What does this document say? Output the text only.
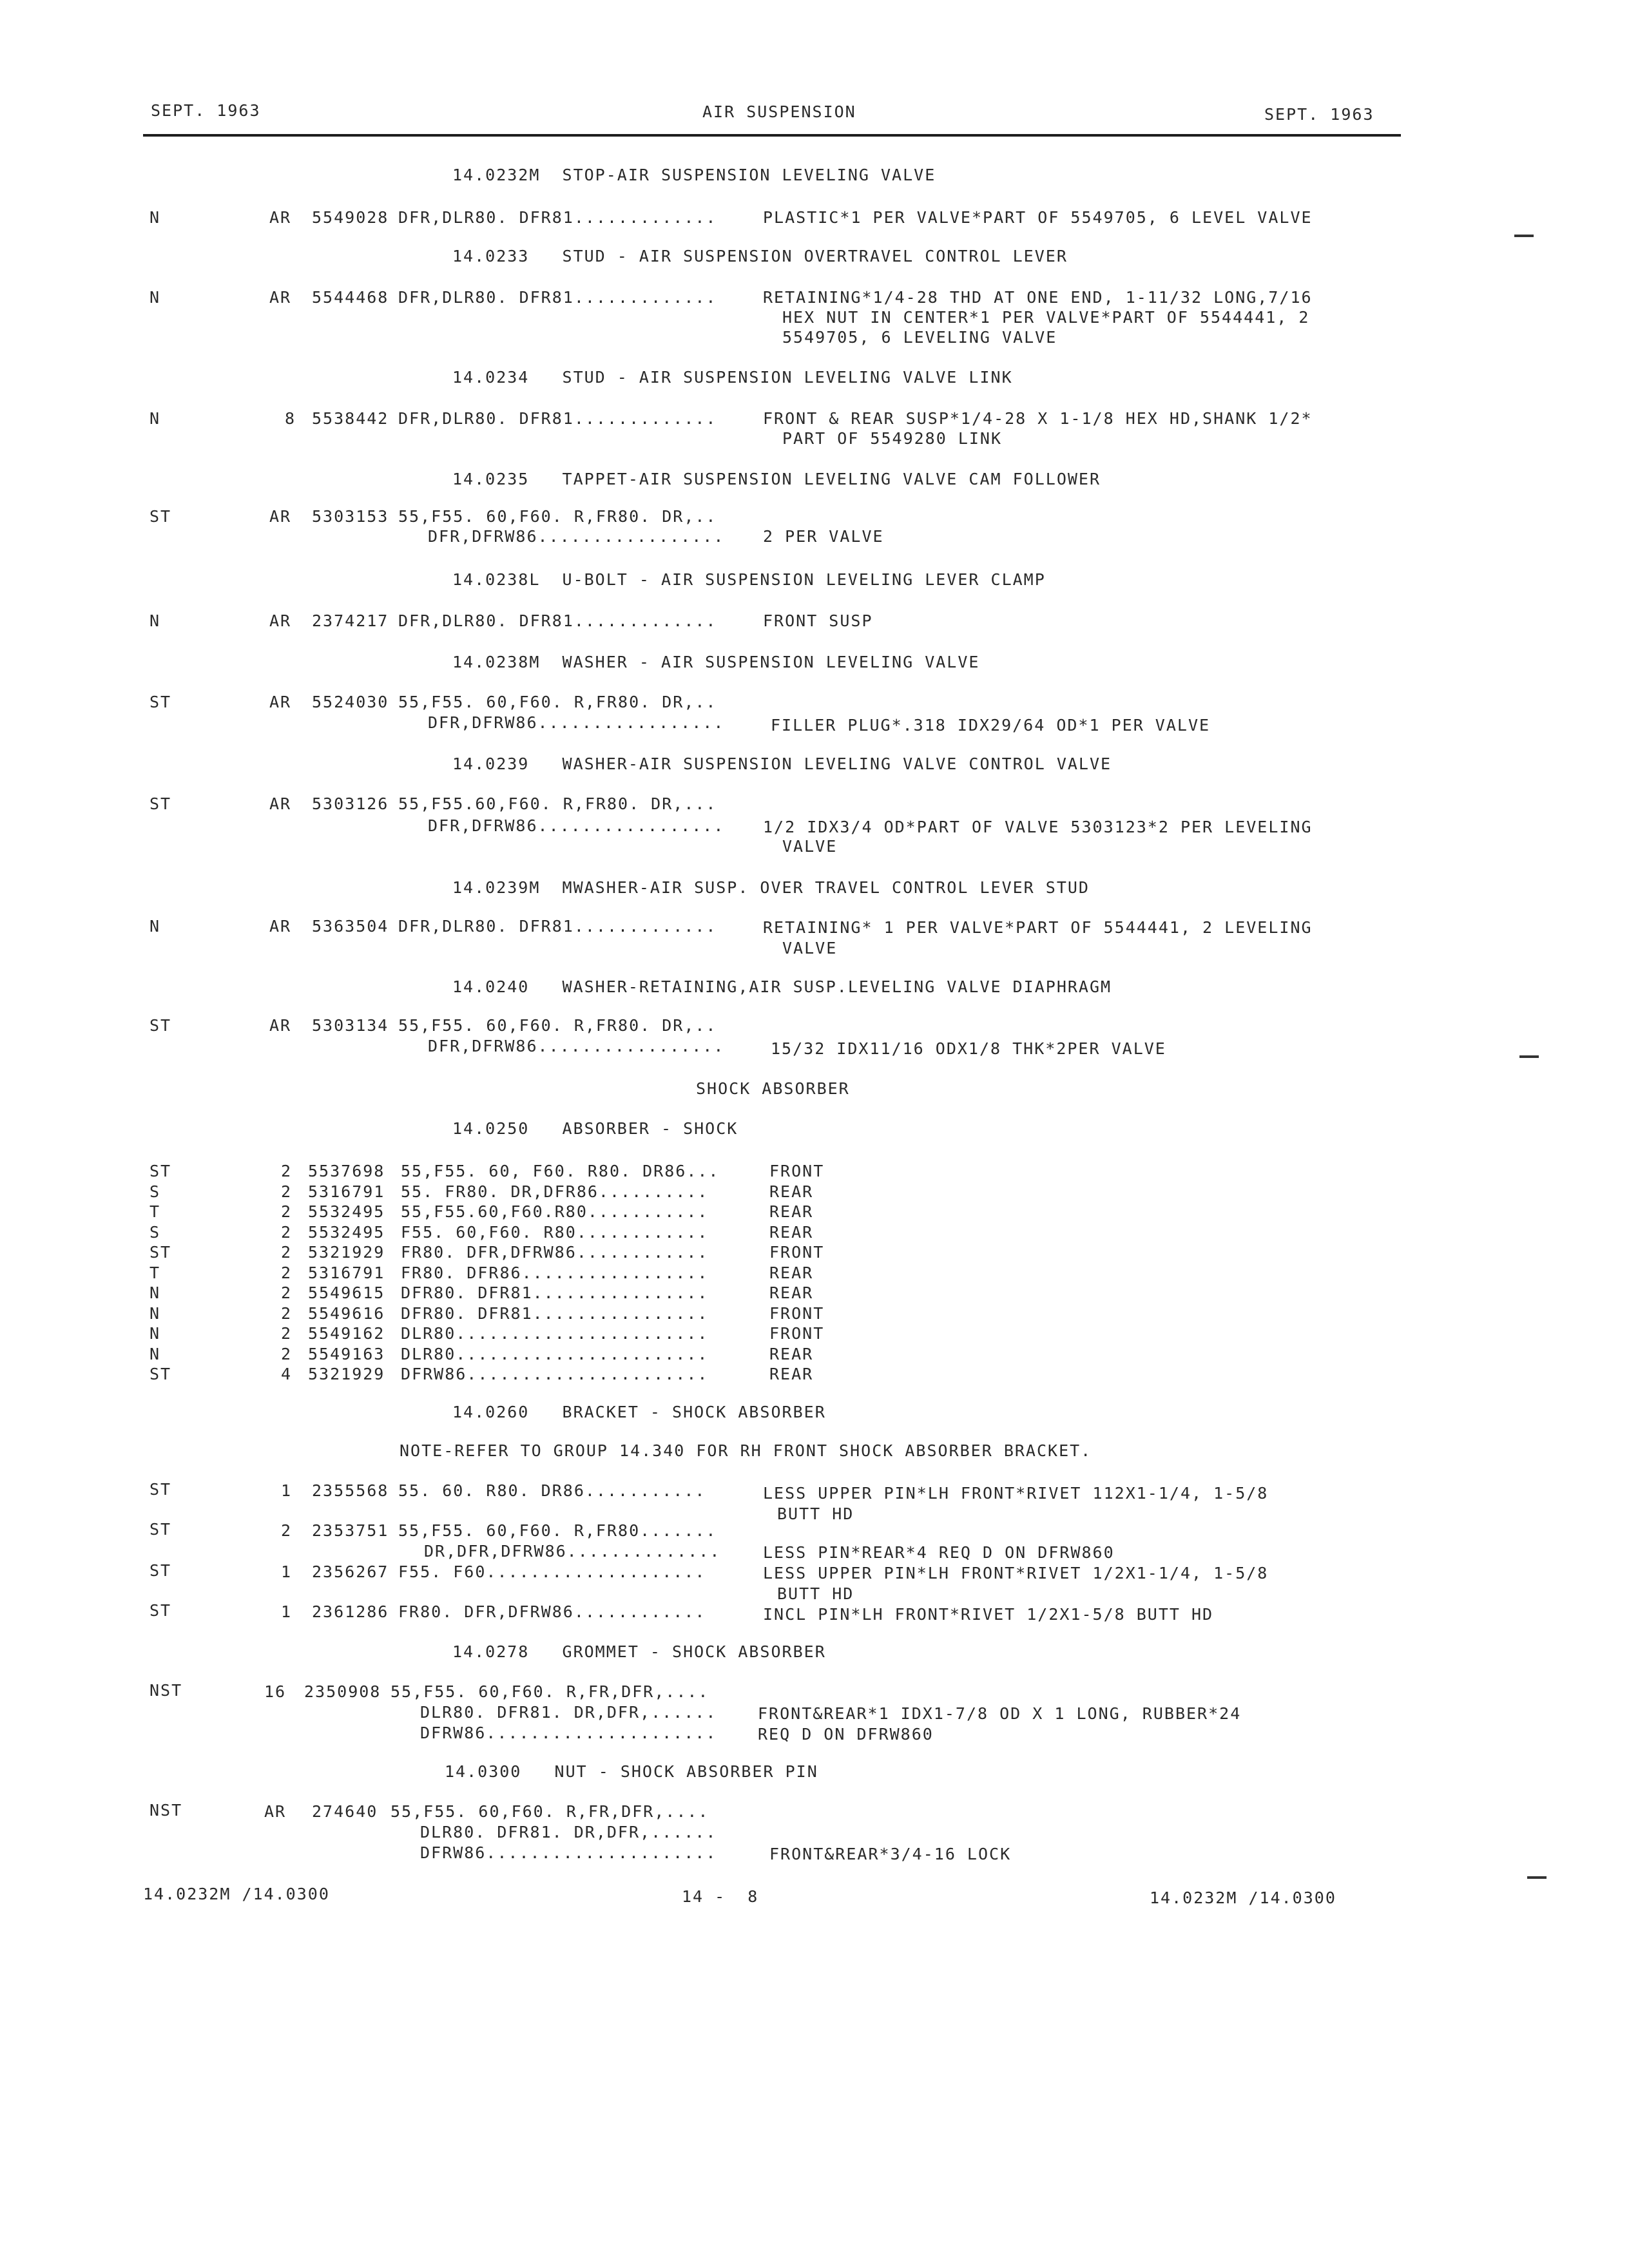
SEPT. 1963	AIR SUSPENSION	SEPT. 1963
14.0232M  STOP-AIR SUSPENSION LEVELING VALVE
N	AR 5549028 DFR,DLR80. DFR81.............	PLASTIC*1 PER VALVE*PART OF 5549705, 6 LEVEL VALVE
14.0233   STUD - AIR SUSPENSION OVERTRAVEL CONTROL LEVER
N	AR 5544468 DFR,DLR80. DFR81.............	RETAINING*1/4-28 THD AT ONE END, 1-11/32 LONG,7/16
HEX NUT IN CENTER*1 PER VALVE*PART OF 5544441, 2
5549705, 6 LEVELING VALVE
14.0234   STUD - AIR SUSPENSION LEVELING VALVE LINK
N	8 5538442 DFR,DLR80. DFR81.............	FRONT & REAR SUSP*1/4-28 X 1-1/8 HEX HD,SHANK 1/2*
PART OF 5549280 LINK
14.0235   TAPPET-AIR SUSPENSION LEVELING VALVE CAM FOLLOWER
ST	AR 5303153 55,F55. 60,F60. R,FR80. DR,..
DFR,DFRW86................. 2 PER VALVE
14.0238L  U-BOLT - AIR SUSPENSION LEVELING LEVER CLAMP
N	AR 2374217 DFR,DLR80. DFR81.............	FRONT SUSP
14.0238M  WASHER - AIR SUSPENSION LEVELING VALVE
ST	AR 5524030 55,F55. 60,F60. R,FR80. DR,..
DFR,DFRW86.................	FILLER PLUG*.318 IDX29/64 OD*1 PER VALVE
14.0239   WASHER-AIR SUSPENSION LEVELING VALVE CONTROL VALVE
ST	AR 5303126 55,F55.60,F60. R,FR80. DR,...
DFR,DFRW86................. 1/2 IDX3/4 OD*PART OF VALVE 5303123*2 PER LEVELING
VALVE
14.0239M  MWASHER-AIR SUSP. OVER TRAVEL CONTROL LEVER STUD
N	AR 5363504 DFR,DLR80. DFR81.............	RETAINING* 1 PER VALVE*PART OF 5544441, 2 LEVELING
VALVE
14.0240   WASHER-RETAINING,AIR SUSP.LEVELING VALVE DIAPHRAGM
ST	AR 5303134 55,F55. 60,F60. R,FR80. DR,..
DFR,DFRW86.................	15/32 IDX11/16 ODX1/8 THK*2PER VALVE
SHOCK ABSORBER
14.0250   ABSORBER - SHOCK
ST	2 5537698 55,F55. 60, F60. R80. DR86...	FRONT
S	2 5316791 55. FR80. DR,DFR86..........	REAR
T	2 5532495 55,F55.60,F60.R80...........	REAR
S	2 5532495 F55. 60,F60. R80............	REAR
ST	2 5321929 FR80. DFR,DFRW86............	FRONT
T	2 5316791 FR80. DFR86.................	REAR
N	2 5549615 DFR80. DFR81................	REAR
N	2 5549616 DFR80. DFR81................	FRONT
N	2 5549162 DLR80.......................	FRONT
N	2 5549163 DLR80.......................	REAR
ST	4 5321929 DFRW86......................	REAR
14.0260   BRACKET - SHOCK ABSORBER
NOTE-REFER TO GROUP 14.340 FOR RH FRONT SHOCK ABSORBER BRACKET.
ST	1 2355568 55. 60. R80. DR86...........	LESS UPPER PIN*LH FRONT*RIVET 112X1-1/4, 1-5/8
BUTT HD
ST	2 2353751 55,F55. 60,F60. R,FR80.......
DR,DFR,DFRW86..............	LESS PIN*REAR*4 REQ D ON DFRW860
ST	1 2356267 F55. F60....................	LESS UPPER PIN*LH FRONT*RIVET 1/2X1-1/4, 1-5/8
BUTT HD
ST	1 2361286 FR80. DFR,DFRW86............	INCL PIN*LH FRONT*RIVET 1/2X1-5/8 BUTT HD
14.0278   GROMMET - SHOCK ABSORBER
NST	16 2350908 55,F55. 60,F60. R,FR,DFR,....
DLR80. DFR81. DR,DFR,......
DFRW86.....................
FRONT&REAR*1 IDX1-7/8 OD X 1 LONG, RUBBER*24
REQ D ON DFRW860
14.0300   NUT - SHOCK ABSORBER PIN
NST	AR 274640 55,F55. 60,F60. R,FR,DFR,....
DLR80. DFR81. DR,DFR,......
DFRW86.....................	FRONT&REAR*3/4-16 LOCK
14.0232M /14.0300	14 -  8	14.0232M /14.0300
